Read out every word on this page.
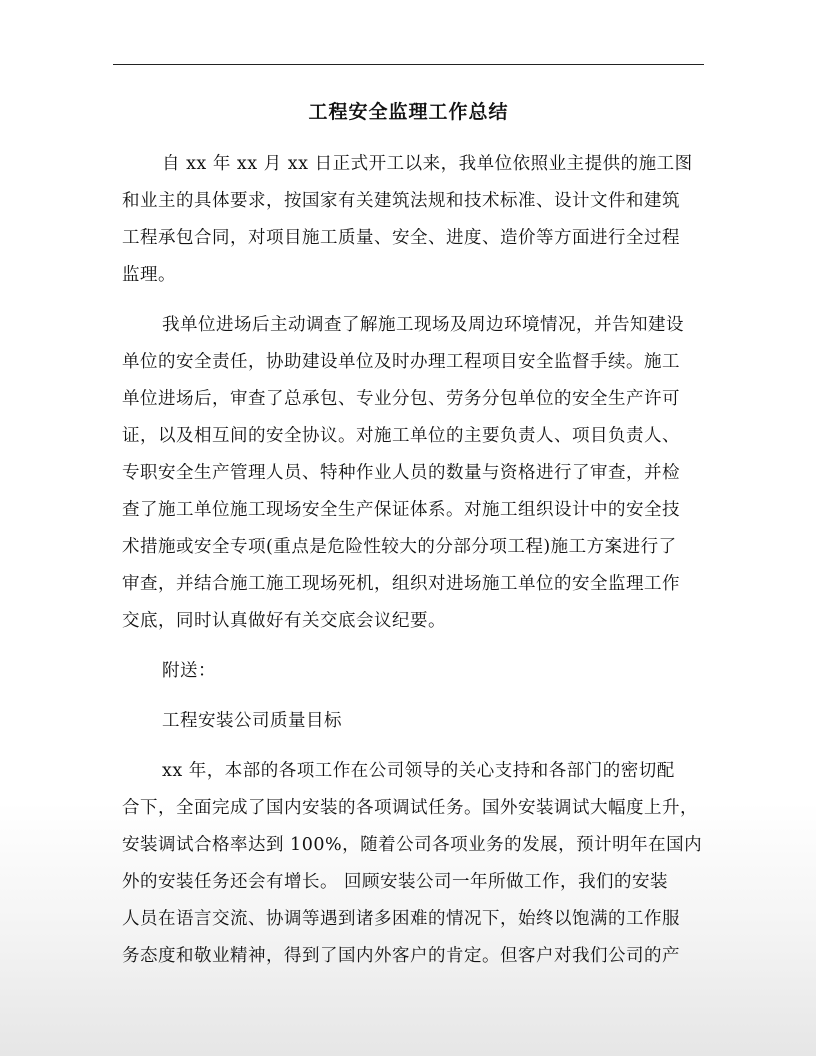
工程安全监理工作总结
自 xx 年 xx 月 xx 日正式开工以来，我单位依照业主提供的施工图
和业主的具体要求，按国家有关建筑法规和技术标准、设计文件和建筑
工程承包合同，对项目施工质量、安全、进度、造价等方面进行全过程
监理。
我单位进场后主动调查了解施工现场及周边环境情况，并告知建设
单位的安全责任，协助建设单位及时办理工程项目安全监督手续。施工
单位进场后，审查了总承包、专业分包、劳务分包单位的安全生产许可
证，以及相互间的安全协议。对施工单位的主要负责人、项目负责人、
专职安全生产管理人员、特种作业人员的数量与资格进行了审查，并检
查了施工单位施工现场安全生产保证体系。对施工组织设计中的安全技
术措施或安全专项(重点是危险性较大的分部分项工程)施工方案进行了
审查，并结合施工施工现场死机，组织对进场施工单位的安全监理工作
交底，同时认真做好有关交底会议纪要。
附送：
工程安装公司质量目标
xx 年，本部的各项工作在公司领导的关心支持和各部门的密切配
合下，全面完成了国内安装的各项调试任务。国外安装调试大幅度上升，
安装调试合格率达到 100%，随着公司各项业务的发展，预计明年在国内
外的安装任务还会有增长。 回顾安装公司一年所做工作，我们的安装
人员在语言交流、协调等遇到诸多困难的情况下，始终以饱满的工作服
务态度和敬业精神，得到了国内外客户的肯定。但客户对我们公司的产
